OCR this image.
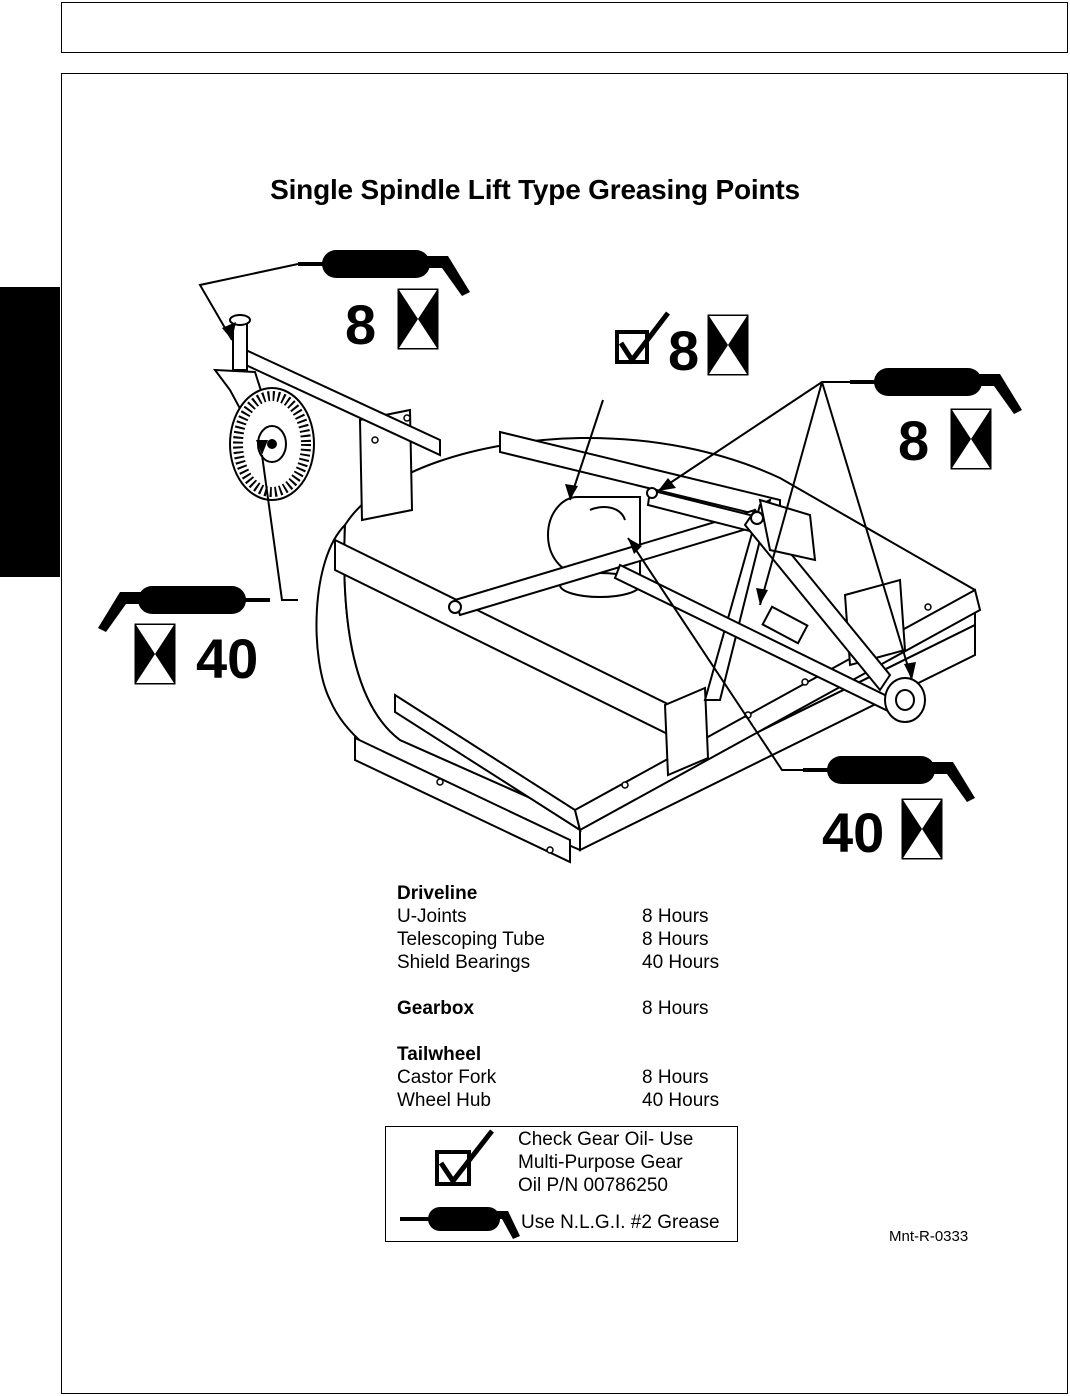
Single Spindle Lift Type Greasing Points
8	8
8
40
40
Driveline
U-Joints
Telescoping Tube
Shield Bearings
Gearbox
Tailwheel
Castor Fork
Wheel Hub
8 Hours
8 Hours
40 Hours
8 Hours
8 Hours
40 Hours
Check Gear Oil- Use
Multi-Purpose Gear
Oil P/N 00786250
Use N.L.G.I. #2 Grease
Mnt-R-0333
